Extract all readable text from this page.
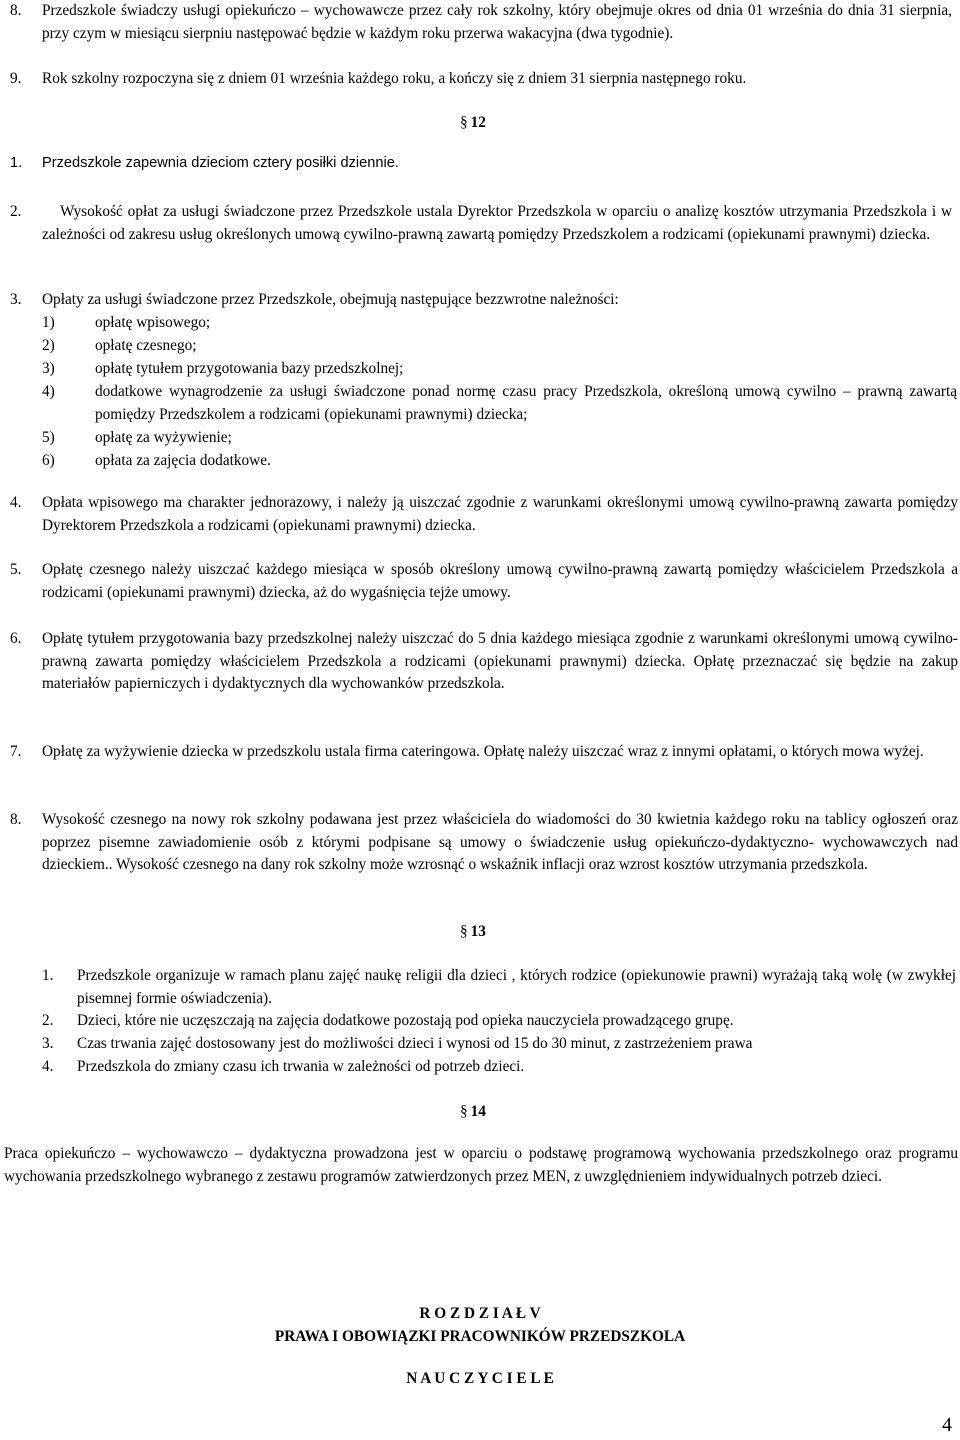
8. Przedszkole świadczy usługi opiekuńczo – wychowawcze przez cały rok szkolny, który obejmuje okres od dnia 01 września do dnia 31 sierpnia, przy czym w miesiącu sierpniu następować będzie w każdym roku przerwa wakacyjna (dwa tygodnie).
9. Rok szkolny rozpoczyna się z dniem 01 września każdego roku, a kończy się z dniem 31 sierpnia następnego roku.
§ 12
1. Przedszkole zapewnia dzieciom cztery posiłki dziennie.
2.	Wysokość opłat za usługi świadczone przez Przedszkole ustala Dyrektor Przedszkola w oparciu o analizę kosztów utrzymania Przedszkola i w zależności od zakresu usług określonych umową cywilno-prawną zawartą pomiędzy Przedszkolem a rodzicami (opiekunami prawnymi) dziecka.
3. Opłaty za usługi świadczone przez Przedszkole, obejmują następujące bezzwrotne należności:
1)	opłatę wpisowego;
2)	opłatę czesnego;
3)	opłatę tytułem przygotowania bazy przedszkolnej;
4)	dodatkowe wynagrodzenie za usługi świadczone ponad normę czasu pracy Przedszkola, określoną umową cywilno – prawną zawartą pomiędzy Przedszkolem a rodzicami (opiekunami prawnymi) dziecka;
5)	opłatę za wyżywienie;
6)	opłata za zajęcia dodatkowe.
4. Opłata wpisowego ma charakter jednorazowy, i należy ją uiszczać zgodnie z warunkami określonymi umową cywilno-prawną zawarta pomiędzy Dyrektorem Przedszkola a rodzicami (opiekunami prawnymi) dziecka.
5. Opłatę czesnego należy uiszczać każdego miesiąca w sposób określony umową cywilno-prawną zawartą pomiędzy właścicielem Przedszkola a rodzicami (opiekunami prawnymi) dziecka, aż do wygaśnięcia tejże umowy.
6. Opłatę tytułem przygotowania bazy przedszkolnej należy uiszczać do 5 dnia każdego miesiąca zgodnie z warunkami określonymi umową cywilno-prawną zawarta pomiędzy właścicielem Przedszkola a rodzicami (opiekunami prawnymi) dziecka. Opłatę przeznaczać się będzie na zakup materiałów papierniczych i dydaktycznych dla wychowanków przedszkola.
7. Opłatę za wyżywienie dziecka w przedszkolu ustala firma cateringowa. Opłatę należy uiszczać wraz z innymi opłatami, o których mowa wyżej.
8. Wysokość czesnego na nowy rok szkolny podawana jest przez właściciela do wiadomości do 30 kwietnia każdego roku na tablicy ogłoszeń oraz poprzez pisemne zawiadomienie osób z którymi podpisane są umowy o świadczenie usług opiekuńczo-dydaktyczno- wychowawczych nad dzieckiem.. Wysokość czesnego na dany rok szkolny może wzrosnąć o wskaźnik inflacji oraz wzrost kosztów utrzymania przedszkola.
§ 13
1. Przedszkole organizuje w ramach planu zajęć naukę religii dla dzieci , których rodzice (opiekunowie prawni) wyrażają taką wolę (w zwykłej pisemnej formie oświadczenia).
2. Dzieci, które nie uczęszczają na zajęcia dodatkowe pozostają pod opieka nauczyciela prowadzącego grupę.
3. Czas trwania zajęć dostosowany jest do możliwości dzieci i wynosi od 15 do 30 minut, z zastrzeżeniem prawa
4. Przedszkola do zmiany czasu ich trwania w zależności od potrzeb dzieci.
§ 14
Praca opiekuńczo – wychowawczo – dydaktyczna prowadzona jest w oparciu o podstawę programową wychowania przedszkolnego oraz programu wychowania przedszkolnego wybranego z zestawu programów zatwierdzonych przez MEN, z uwzględnieniem indywidualnych potrzeb dzieci.
R O Z D Z I A Ł V
PRAWA I OBOWIĄZKI PRACOWNIKÓW PRZEDSZKOLA
N A U C Z Y C I E L E
4
